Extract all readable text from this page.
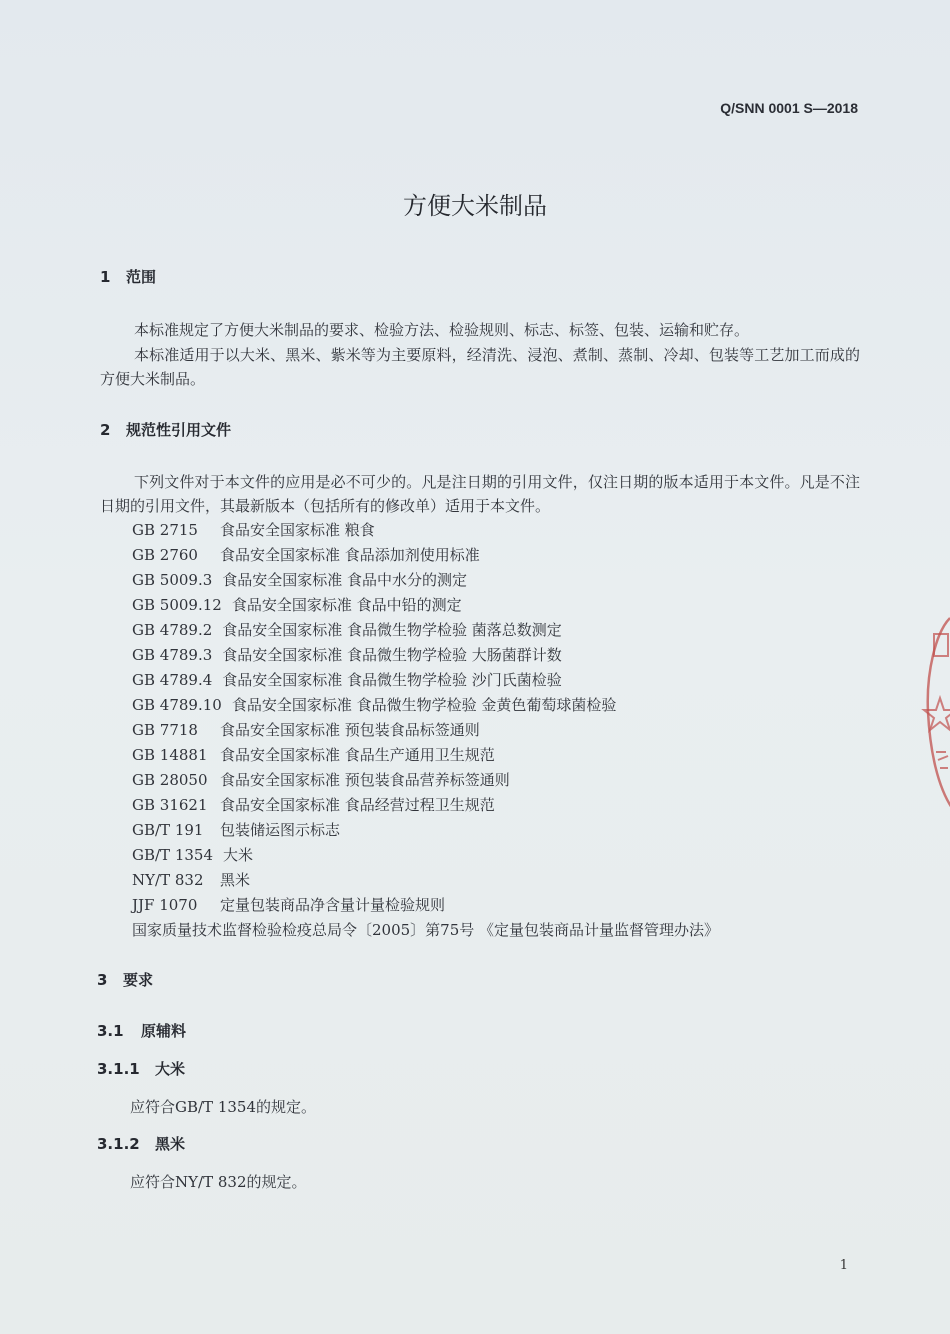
Q/SNN 0001 S—2018
方便大米制品
1 范围
本标准规定了方便大米制品的要求、检验方法、检验规则、标志、标签、包装、运输和贮存。
本标准适用于以大米、黑米、紫米等为主要原料，经清洗、浸泡、煮制、蒸制、冷却、包装等工艺加工而成的方便大米制品。
2 规范性引用文件
下列文件对于本文件的应用是必不可少的。凡是注日期的引用文件，仅注日期的版本适用于本文件。凡是不注日期的引用文件，其最新版本（包括所有的修改单）适用于本文件。
GB 2715 食品安全国家标准 粮食
GB 2760 食品安全国家标准 食品添加剂使用标准
GB 5009.3 食品安全国家标准 食品中水分的测定
GB 5009.12 食品安全国家标准 食品中铅的测定
GB 4789.2 食品安全国家标准 食品微生物学检验 菌落总数测定
GB 4789.3 食品安全国家标准 食品微生物学检验 大肠菌群计数
GB 4789.4 食品安全国家标准 食品微生物学检验 沙门氏菌检验
GB 4789.10 食品安全国家标准 食品微生物学检验 金黄色葡萄球菌检验
GB 7718 食品安全国家标准 预包装食品标签通则
GB 14881 食品安全国家标准 食品生产通用卫生规范
GB 28050 食品安全国家标准 预包装食品营养标签通则
GB 31621 食品安全国家标准 食品经营过程卫生规范
GB/T 191 包装储运图示标志
GB/T 1354 大米
NY/T 832 黑米
JJF 1070 定量包装商品净含量计量检验规则
国家质量技术监督检验检疫总局令〔2005〕第75号 《定量包装商品计量监督管理办法》
3 要求
3.1 原辅料
3.1.1 大米
应符合GB/T 1354的规定。
3.1.2 黑米
应符合NY/T 832的规定。
1
